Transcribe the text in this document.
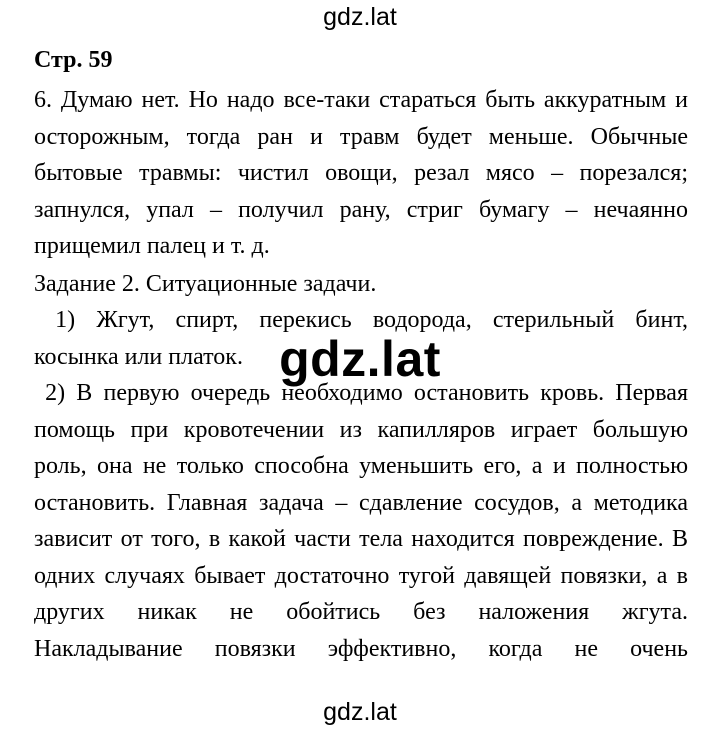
gdz.lat
Стр. 59
6. Думаю нет. Но надо все-таки стараться быть аккуратным и
осторожным, тогда ран и травм будет меньше. Обычные
бытовые травмы: чистил овощи, резал мясо – порезался;
запнулся, упал – получил рану, стриг бумагу – нечаянно
прищемил палец и т. д.
Задание 2. Ситуационные задачи.
1) Жгут, спирт, перекись водорода, стерильный бинт,
косынка или платок.
2) В первую очередь необходимо остановить кровь. Первая
помощь при кровотечении из капилляров играет большую
роль, она не только способна уменьшить его, а и полностью
остановить. Главная задача – сдавление сосудов, а методика
зависит от того, в какой части тела находится повреждение. В
одних случаях бывает достаточно тугой давящей повязки, а в
других никак не обойтись без наложения жгута.
Накладывание повязки эффективно, когда не очень
gdz.lat
gdz.lat
